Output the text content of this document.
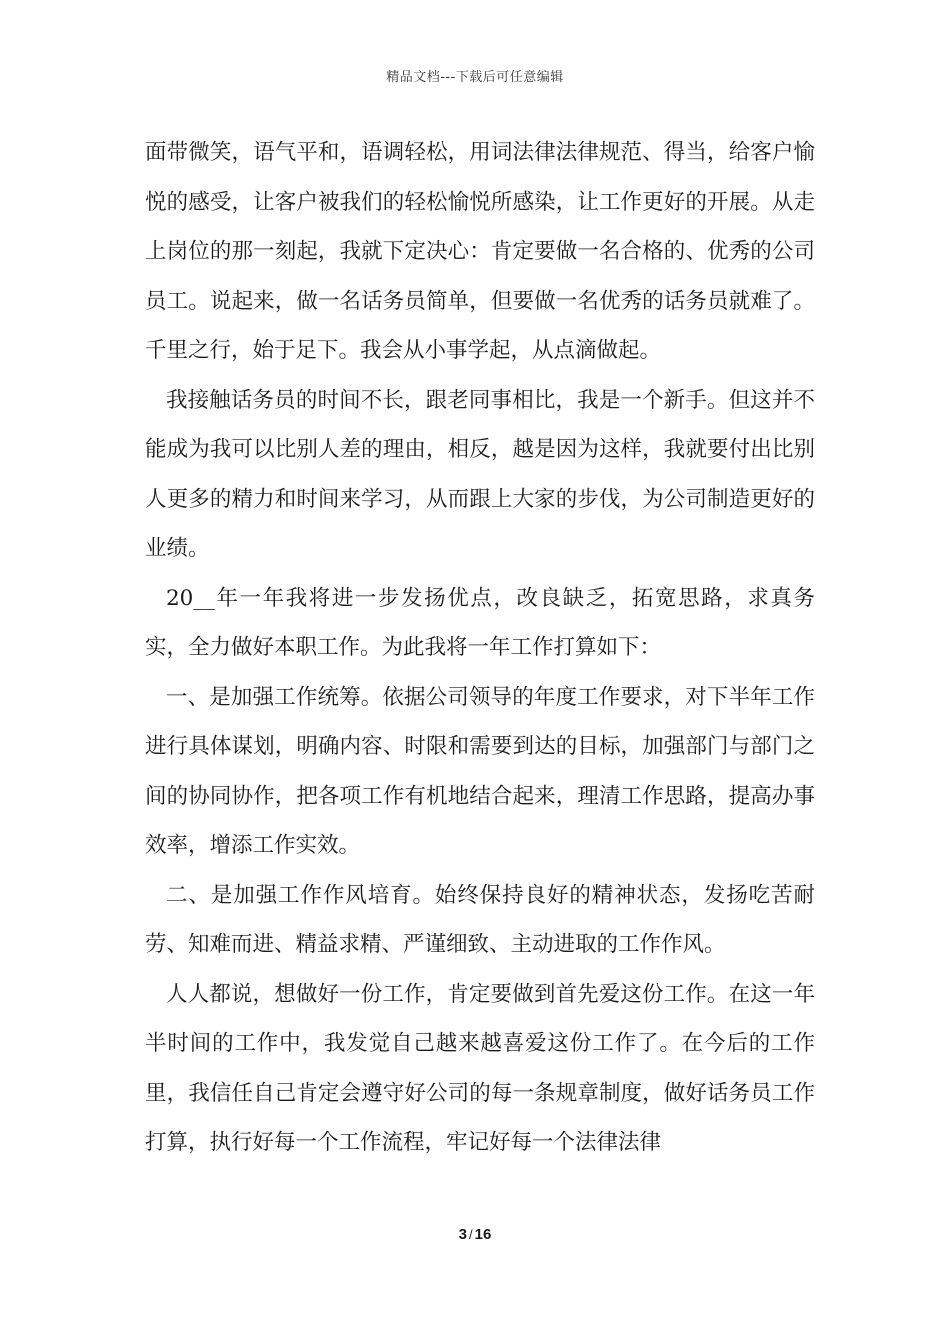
精品文档---下载后可任意编辑

面带微笑，语气平和，语调轻松，用词法律法律规范、得当，给客户愉悦的感受，让客户被我们的轻松愉悦所感染，让工作更好的开展。从走上岗位的那一刻起，我就下定决心：肯定要做一名合格的、优秀的公司员工。说起来，做一名话务员简单，但要做一名优秀的话务员就难了。千里之行，始于足下。我会从小事学起，从点滴做起。

我接触话务员的时间不长，跟老同事相比，我是一个新手。但这并不能成为我可以比别人差的理由，相反，越是因为这样，我就要付出比别人更多的精力和时间来学习，从而跟上大家的步伐，为公司制造更好的业绩。

20__年一年我将进一步发扬优点，改良缺乏，拓宽思路，求真务实，全力做好本职工作。为此我将一年工作打算如下：

一、是加强工作统筹。依据公司领导的年度工作要求，对下半年工作进行具体谋划，明确内容、时限和需要到达的目标，加强部门与部门之间的协同协作，把各项工作有机地结合起来，理清工作思路，提高办事效率，增添工作实效。

二、是加强工作作风培育。始终保持良好的精神状态，发扬吃苦耐劳、知难而进、精益求精、严谨细致、主动进取的工作作风。

人人都说，想做好一份工作，肯定要做到首先爱这份工作。在这一年半时间的工作中，我发觉自己越来越喜爱这份工作了。在今后的工作里，我信任自己肯定会遵守好公司的每一条规章制度，做好话务员工作打算，执行好每一个工作流程，牢记好每一个法律法律

3 / 16
